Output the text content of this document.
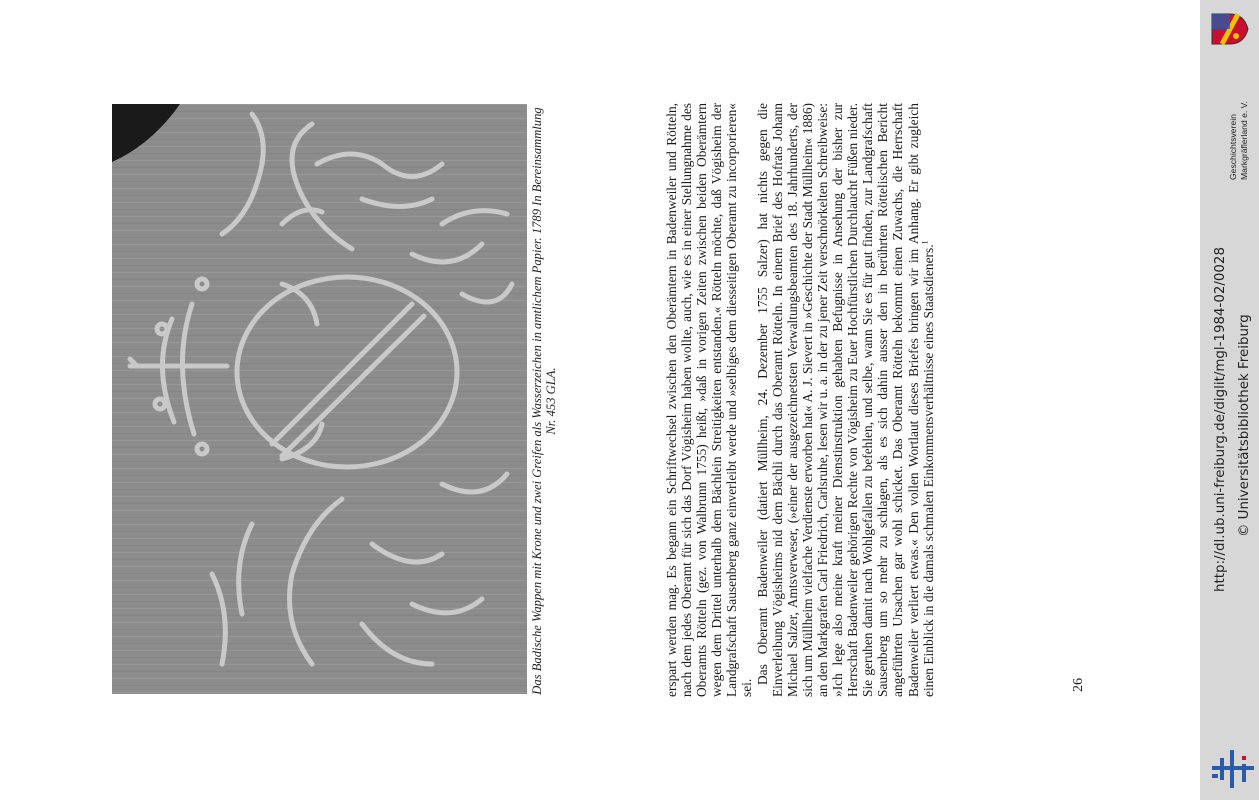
Das Badische Wappen mit Krone und zwei Greifen als Wasserzeichen in amtlichem Papier. 1789 In Bereinsammlung Nr. 453 GLA.	erspart werden mag. Es begann ein Schriftwechsel zwischen den Oberämtern in Badenweiler und Rötteln, nach dem jedes Oberamt für sich das Dorf Vögisheim haben wollte, auch, wie es in einer Stellungnahme des Oberamts Rötteln (gez. von Walbrunn 1755) heißt, »daß in vorigen Zeiten zwischen beiden Oberämtern wegen dem Drittel unterhalb dem Bächlein Streitigkeiten entstanden.« Rötteln möchte, daß Vögisheim der Landgrafschaft Sausenberg ganz einverleibt werde und »selbiges dem diesseitigen Oberamt zu incorporieren« sei.

Das Oberamt Badenweiler (datiert Müllheim, 24. Dezember 1755 Salzer) hat nichts gegen die Einverleibung Vögisheims nid dem Bächli durch das Oberamt Rötteln. In einem Brief des Hofrats Johann Michael Salzer, Amtsverweser, (»einer der ausgezeichnetsten Verwaltungsbeamten des 18. Jahrhunderts, der sich um Müllheim vielfache Verdienste erworben hat« A. J. Sievert in »Geschichte der Stadt Müllheim« 1886) an den Markgrafen Carl Friedrich, Carlsruhe, lesen wir u. a. in der zu jener Zeit verschnörkelten Schreibweise: »Ich lege also meine kraft meiner Dienstinstruktion gehabten Befugnisse in Ansehung der bisher zur Herrschaft Badenweiler gehörigen Rechte von Vögisheim zu Euer Hochfürstlichen Durchlaucht Füßen nieder. Sie geruhen damit nach Wohlgefallen zu befehlen, und selbe, wann Sie es für gut finden, zur Landgrafschaft Sausenberg um so mehr zu schlagen, als es sich dahin ausser den in berührten Röttelischen Bericht angeführten Ursachen gar wohl schicket. Das Oberamt Rötteln bekommt einen Zuwachs, die Herrschaft Badenweiler verliert etwas.« Den vollen Wortlaut dieses Briefes bringen wir im Anhang. Er gibt zugleich einen Einblick in die damals schmalen Einkommensverhältnisse eines Staatsdieners.$^1$

26
Geschichtsverein Markgräflerland e. V.
http://dl.ub.uni-freiburg.de/diglit/mgl-1984-02/0028 © Universitätsbibliothek Freiburg
